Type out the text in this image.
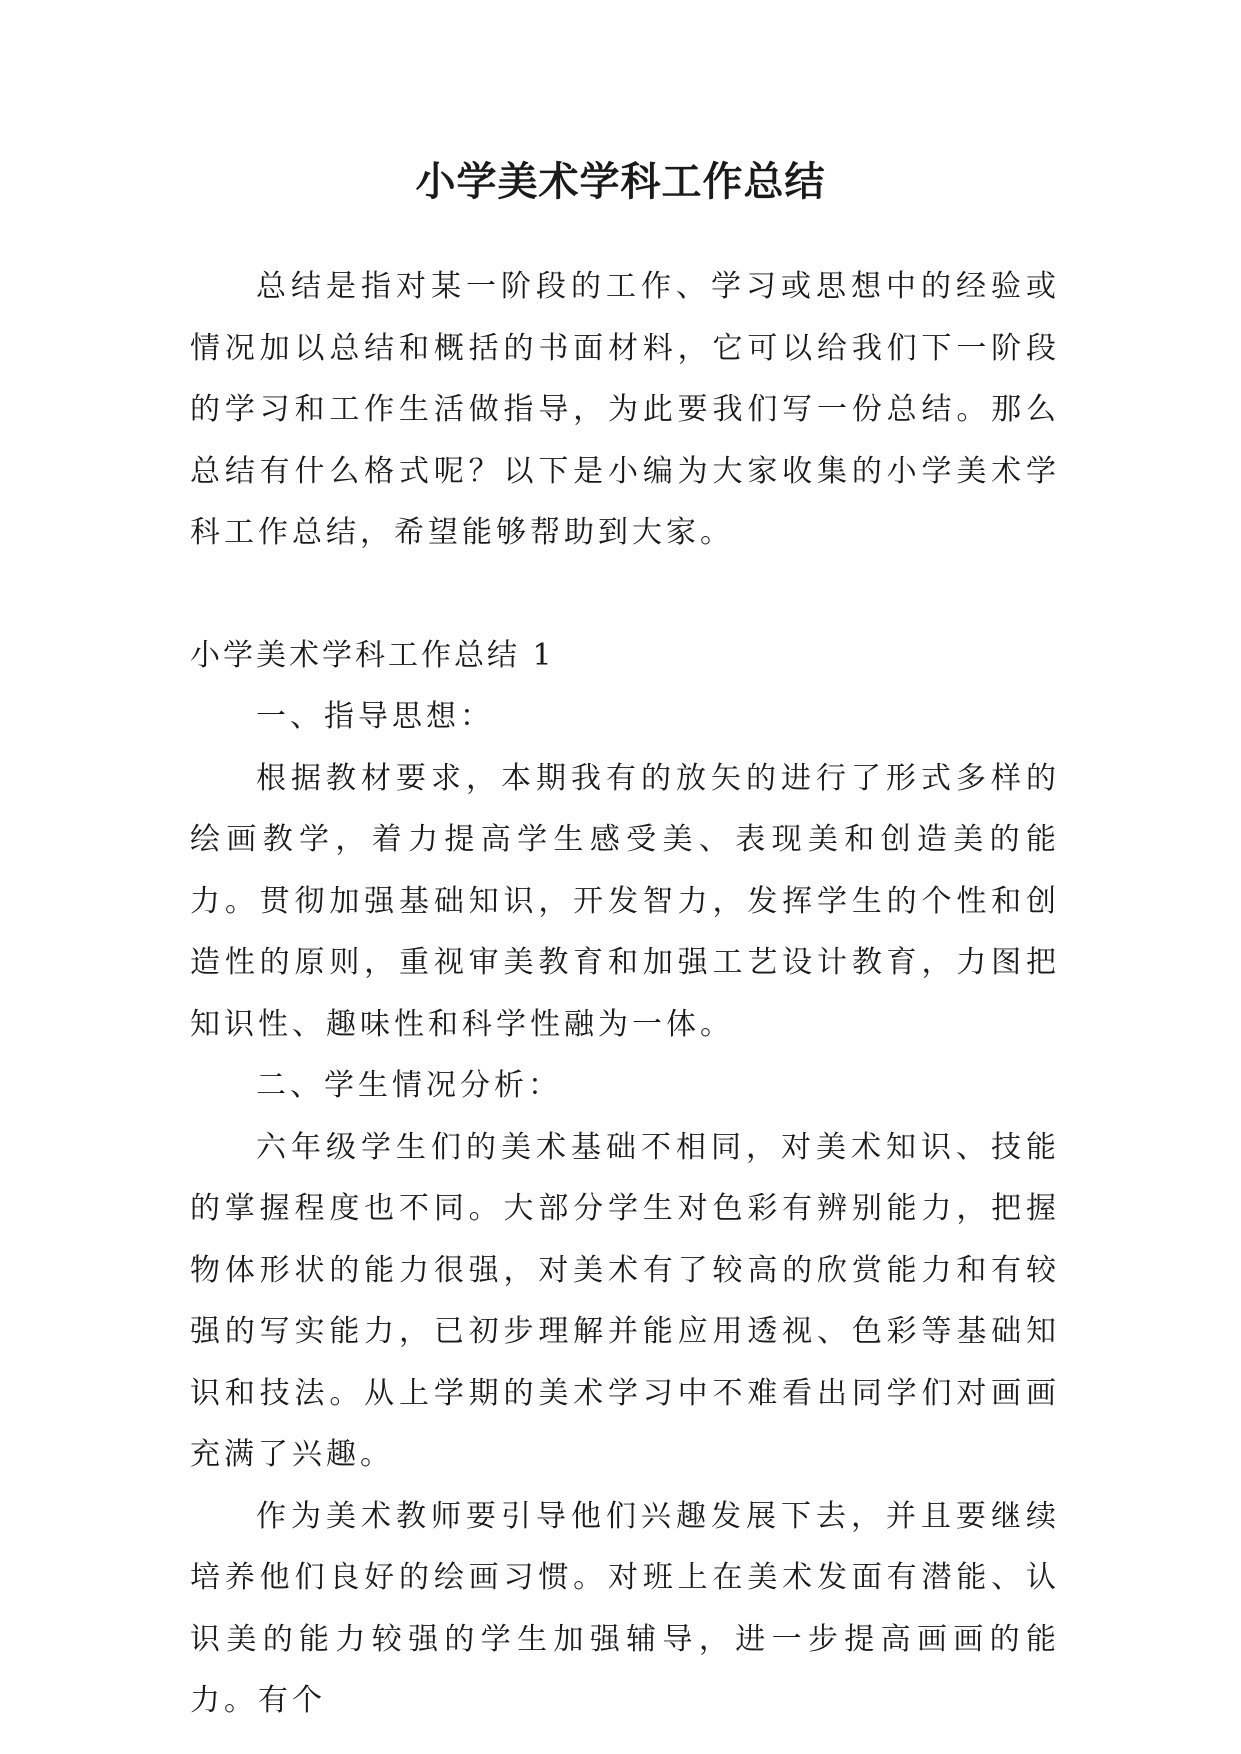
小学美术学科工作总结

总结是指对某一阶段的工作、学习或思想中的经验或情况加以总结和概括的书面材料，它可以给我们下一阶段的学习和工作生活做指导，为此要我们写一份总结。那么总结有什么格式呢？以下是小编为大家收集的小学美术学科工作总结，希望能够帮助到大家。

小学美术学科工作总结 1

一、指导思想：

根据教材要求，本期我有的放矢的进行了形式多样的绘画教学，着力提高学生感受美、表现美和创造美的能力。贯彻加强基础知识，开发智力，发挥学生的个性和创造性的原则，重视审美教育和加强工艺设计教育，力图把知识性、趣味性和科学性融为一体。

二、学生情况分析：

六年级学生们的美术基础不相同，对美术知识、技能的掌握程度也不同。大部分学生对色彩有辨别能力，把握物体形状的能力很强，对美术有了较高的欣赏能力和有较强的写实能力，已初步理解并能应用透视、色彩等基础知识和技法。从上学期的美术学习中不难看出同学们对画画充满了兴趣。

作为美术教师要引导他们兴趣发展下去，并且要继续培养他们良好的绘画习惯。对班上在美术发面有潜能、认识美的能力较强的学生加强辅导，进一步提高画画的能力。有个
